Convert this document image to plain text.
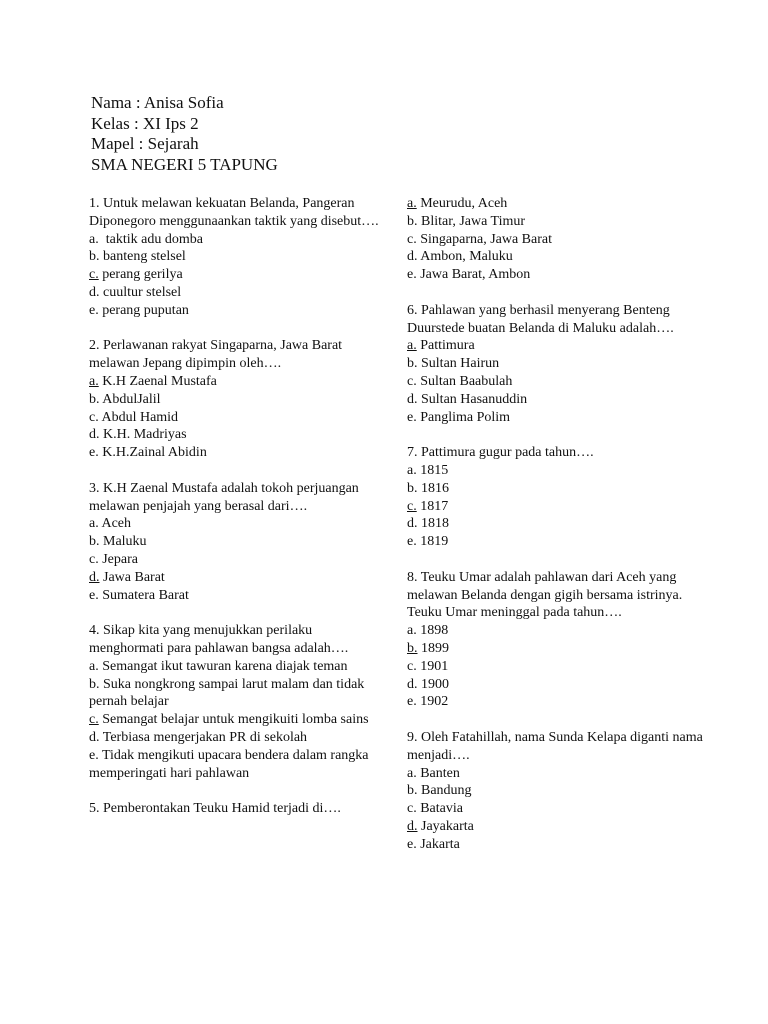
Nama : Anisa Sofia
Kelas : XI Ips 2
Mapel : Sejarah
SMA NEGERI 5 TAPUNG
1. Untuk melawan kekuatan Belanda, Pangeran Diponegoro menggunaankan taktik yang disebut….
a. taktik adu domba
b. banteng stelsel
c. perang gerilya
d. cuultur stelsel
e. perang puputan
2. Perlawanan rakyat Singaparna, Jawa Barat melawan Jepang dipimpin oleh….
a. K.H Zaenal Mustafa
b. AbdulJalil
c. Abdul Hamid
d. K.H. Madriyas
e. K.H.Zainal Abidin
3. K.H Zaenal Mustafa adalah tokoh perjuangan melawan penjajah yang berasal dari….
a. Aceh
b. Maluku
c. Jepara
d. Jawa Barat
e. Sumatera Barat
4. Sikap kita yang menujukkan perilaku menghormati para pahlawan bangsa adalah….
a. Semangat ikut tawuran karena diajak teman
b. Suka nongkrong sampai larut malam dan tidak pernah belajar
c. Semangat belajar untuk mengikuiti lomba sains
d. Terbiasa mengerjakan PR di sekolah
e. Tidak mengikuti upacara bendera dalam rangka memperingati hari pahlawan
5. Pemberontakan Teuku Hamid terjadi di….
a. Meurudu, Aceh
b. Blitar, Jawa Timur
c. Singaparna, Jawa Barat
d. Ambon, Maluku
e. Jawa Barat, Ambon
6. Pahlawan yang berhasil menyerang Benteng Duurstede buatan Belanda di Maluku adalah….
a. Pattimura
b. Sultan Hairun
c. Sultan Baabulah
d. Sultan Hasanuddin
e. Panglima Polim
7. Pattimura gugur pada tahun….
a. 1815
b. 1816
c. 1817
d. 1818
e. 1819
8. Teuku Umar adalah pahlawan dari Aceh yang melawan Belanda dengan gigih bersama istrinya. Teuku Umar meninggal pada tahun….
a. 1898
b. 1899
c. 1901
d. 1900
e. 1902
9. Oleh Fatahillah, nama Sunda Kelapa diganti nama menjadi….
a. Banten
b. Bandung
c. Batavia
d. Jayakarta
e. Jakarta
